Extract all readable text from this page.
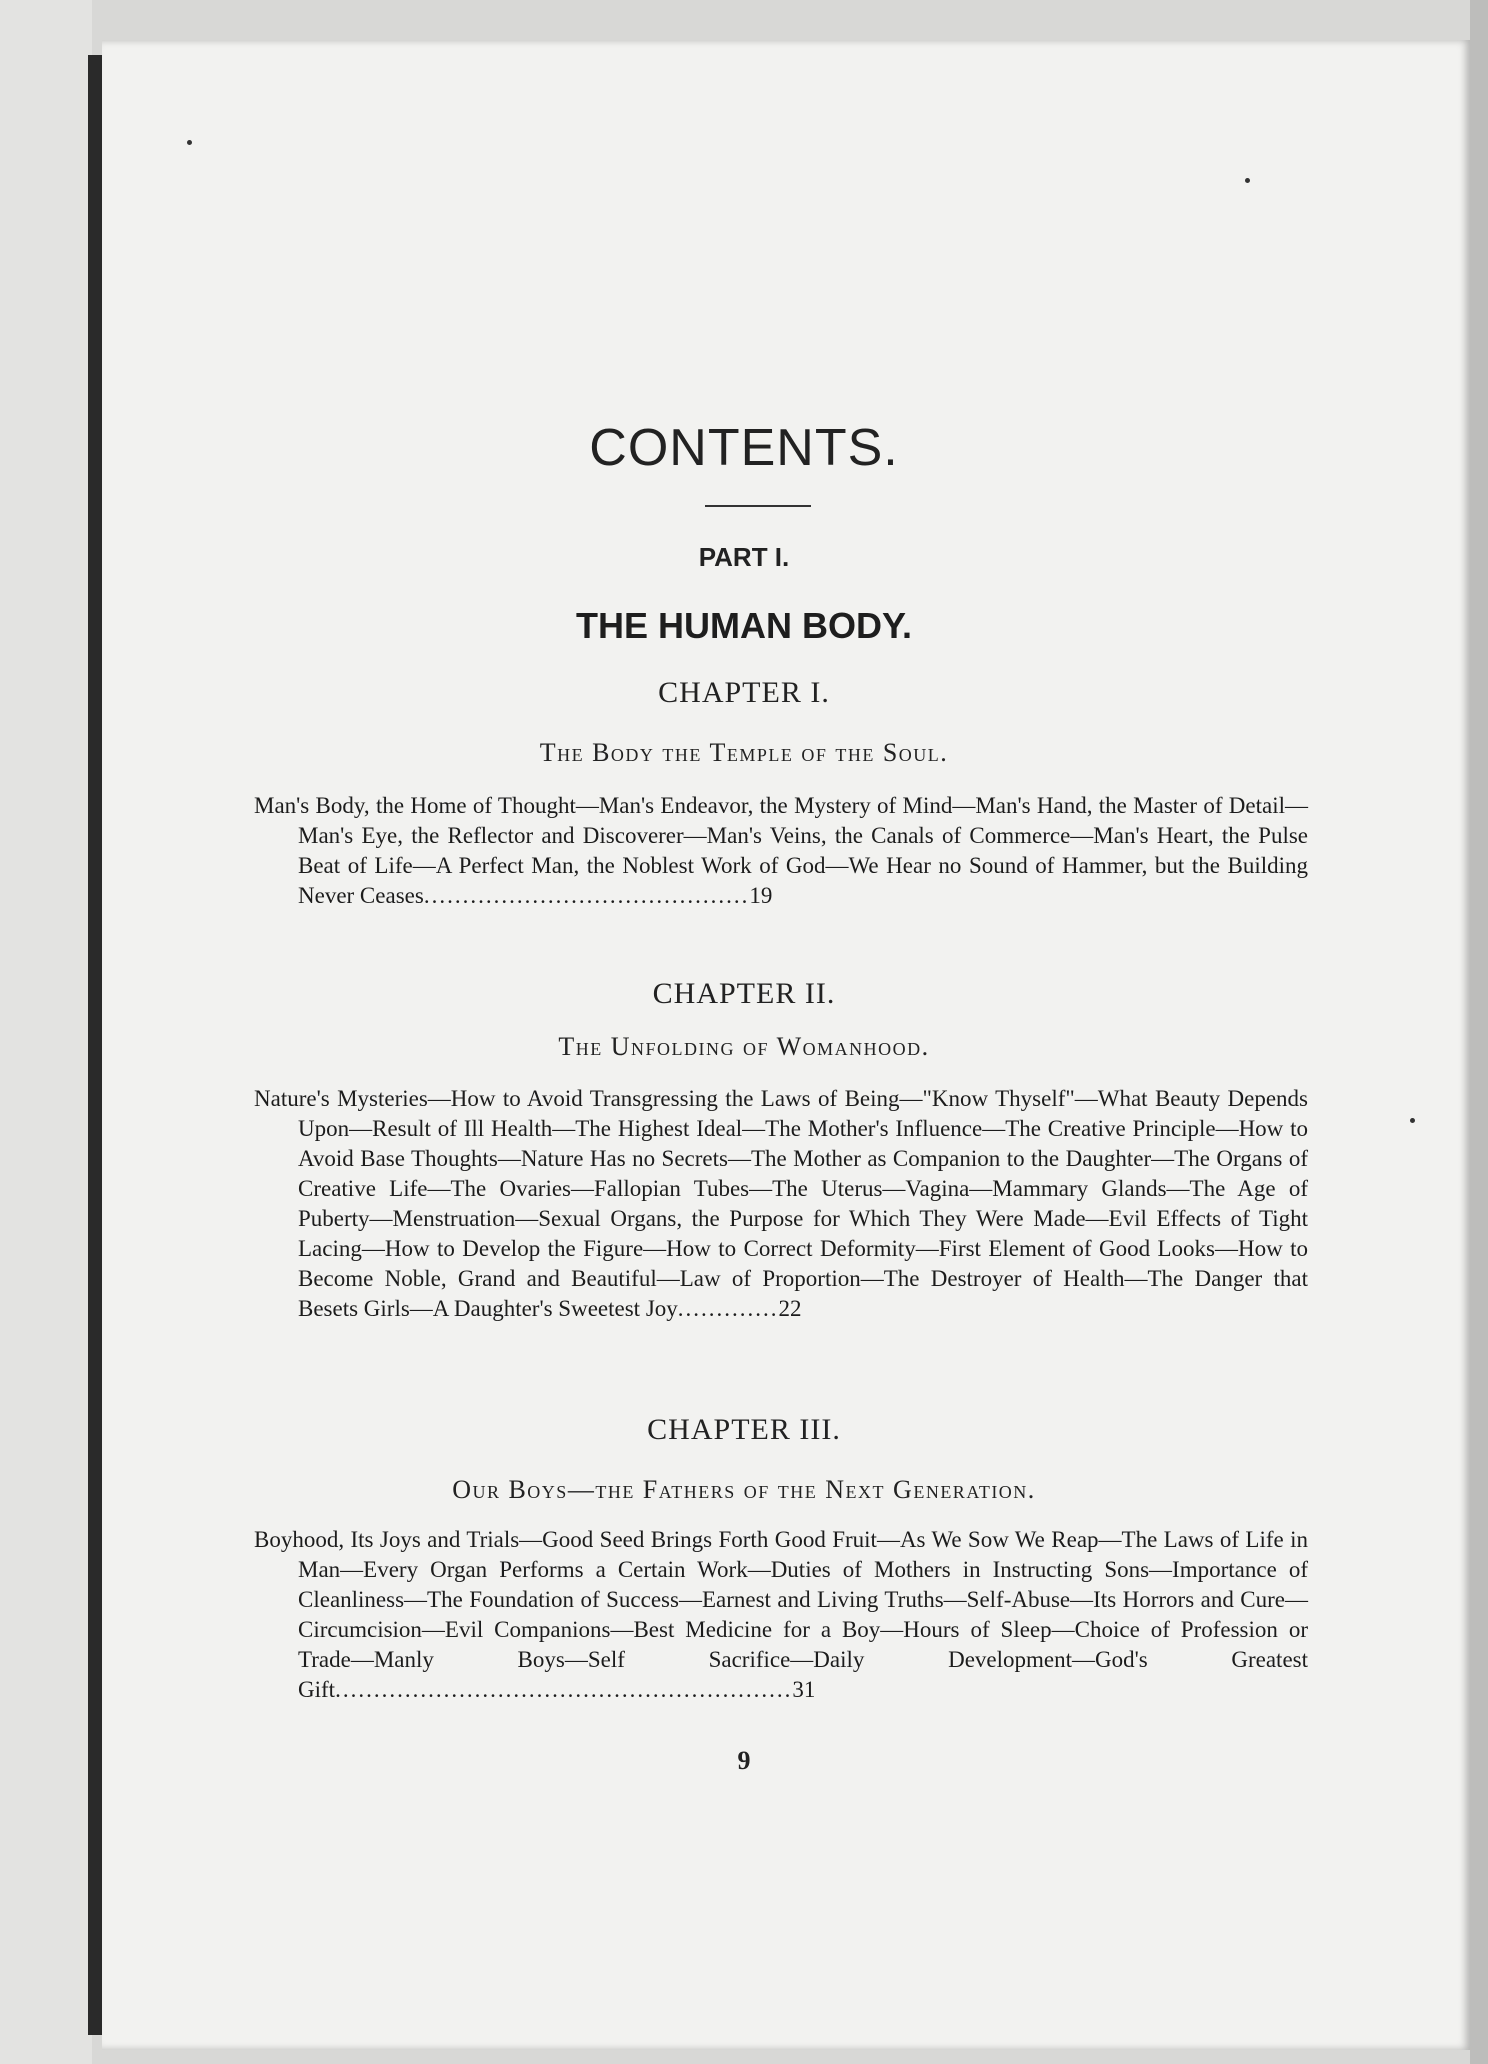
CONTENTS.
PART I.
THE HUMAN BODY.
CHAPTER I.
The Body the Temple of the Soul.
Man's Body, the Home of Thought—Man's Endeavor, the Mystery of Mind—Man's Hand, the Master of Detail—Man's Eye, the Reflector and Discoverer—Man's Veins, the Canals of Commerce—Man's Heart, the Pulse Beat of Life—A Perfect Man, the Noblest Work of God—We Hear no Sound of Hammer, but the Building Never Ceases..........................................19
CHAPTER II.
The Unfolding of Womanhood.
Nature's Mysteries—How to Avoid Transgressing the Laws of Being—"Know Thyself"—What Beauty Depends Upon—Result of Ill Health—The Highest Ideal—The Mother's Influence—The Creative Principle—How to Avoid Base Thoughts—Nature Has no Secrets—The Mother as Companion to the Daughter—The Organs of Creative Life—The Ovaries—Fallopian Tubes—The Uterus—Vagina—Mammary Glands—The Age of Puberty—Menstruation—Sexual Organs, the Purpose for Which They Were Made—Evil Effects of Tight Lacing—How to Develop the Figure—How to Correct Deformity—First Element of Good Looks—How to Become Noble, Grand and Beautiful—Law of Proportion—The Destroyer of Health—The Danger that Besets Girls—A Daughter's Sweetest Joy.............22
CHAPTER III.
Our Boys—the Fathers of the Next Generation.
Boyhood, Its Joys and Trials—Good Seed Brings Forth Good Fruit—As We Sow We Reap—The Laws of Life in Man—Every Organ Performs a Certain Work—Duties of Mothers in Instructing Sons—Importance of Cleanliness—The Foundation of Success—Earnest and Living Truths—Self-Abuse—Its Horrors and Cure—Circumcision—Evil Companions—Best Medicine for a Boy—Hours of Sleep—Choice of Profession or Trade—Manly Boys—Self Sacrifice—Daily Development—God's Greatest Gift...........................................................31
9
